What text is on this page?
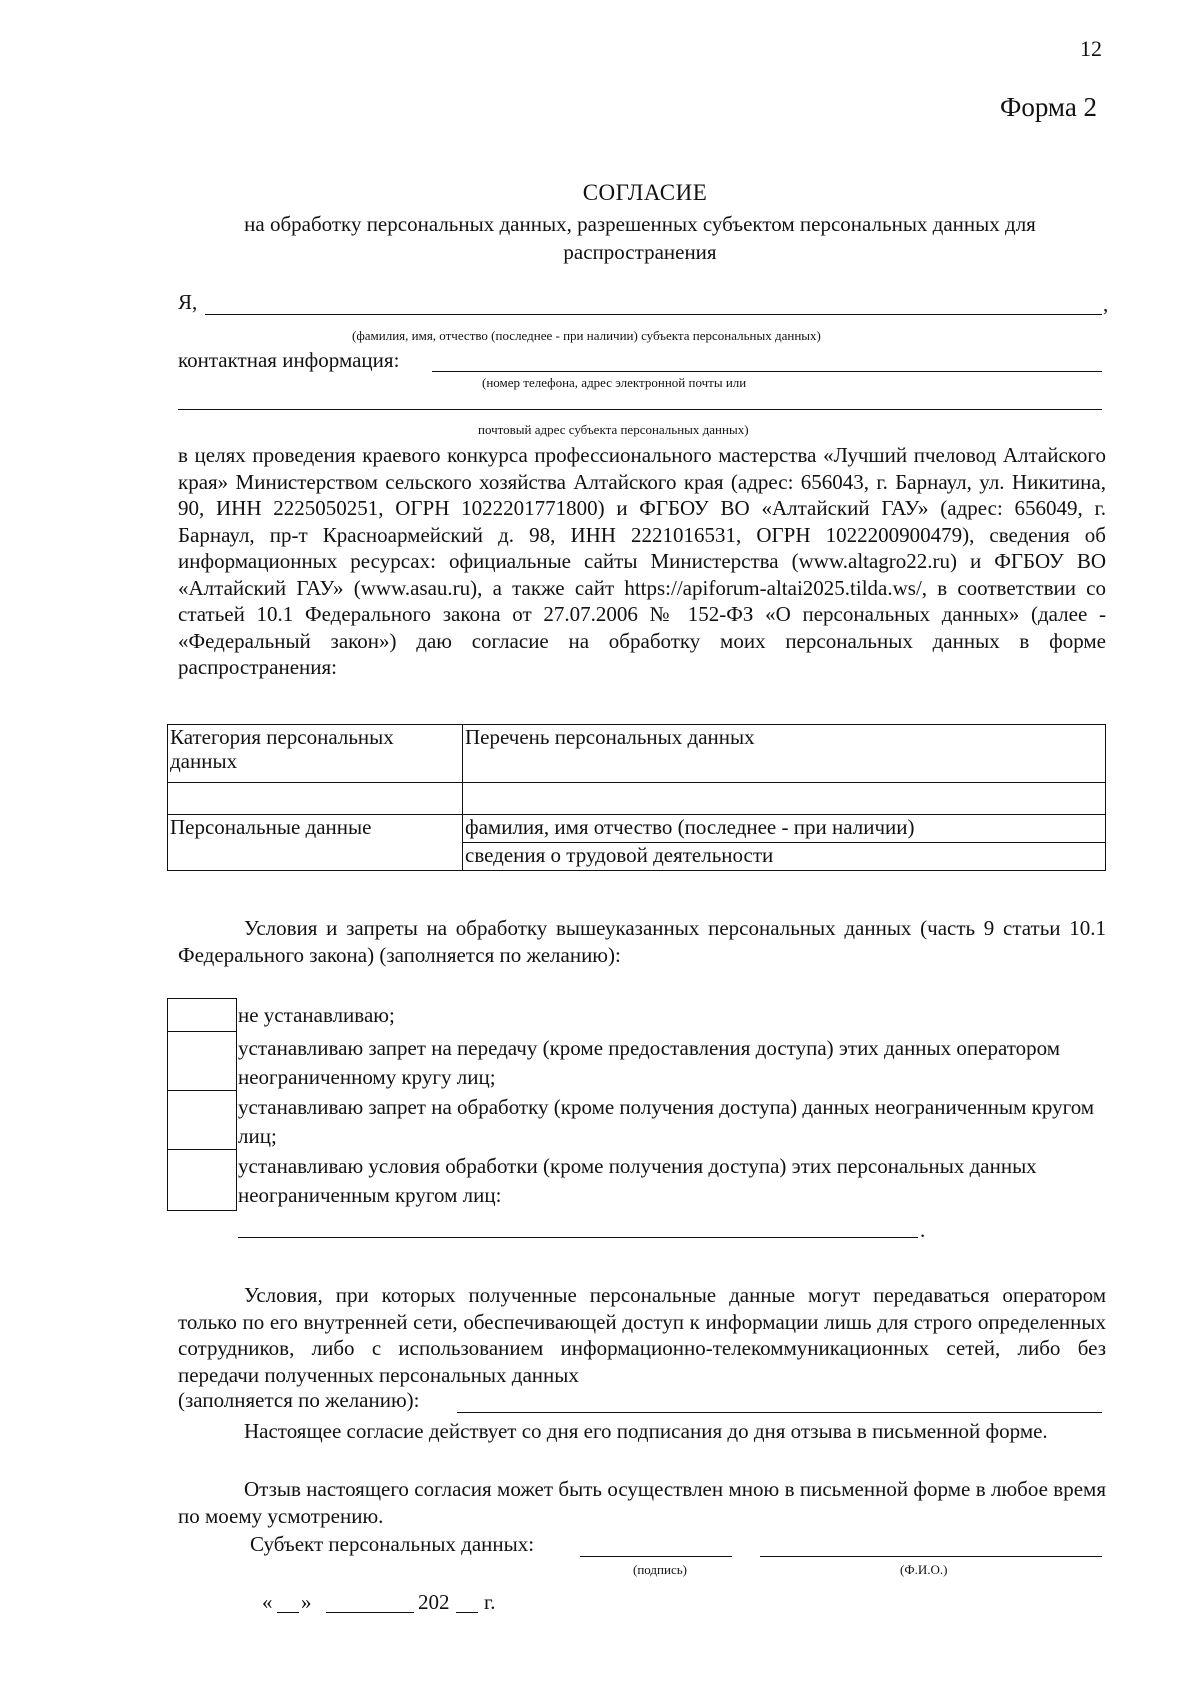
12
Форма 2
СОГЛАСИЕ
на обработку персональных данных, разрешенных субъектом персональных данных для распространения
Я,	,
(фамилия, имя, отчество (последнее - при наличии) субъекта персональных данных)
контактная информация:
(номер телефона, адрес электронной почты или
почтовый адрес субъекта персональных данных)
в целях проведения краевого конкурса профессионального мастерства «Лучший пчеловод Алтайского края» Министерством сельского хозяйства Алтайского края (адрес: 656043, г. Барнаул, ул. Никитина, 90, ИНН 2225050251, ОГРН 1022201771800) и ФГБОУ ВО «Алтайский ГАУ» (адрес: 656049, г. Барнаул, пр-т Красноармейский д. 98, ИНН 2221016531, ОГРН 1022200900479), сведения об информационных ресурсах: официальные сайты Министерства (www.altagro22.ru) и ФГБОУ ВО «Алтайский ГАУ» (www.asau.ru), а также сайт https://apiforum-altai2025.tilda.ws/, в соответствии со статьей 10.1 Федерального закона от 27.07.2006 № 152-ФЗ «О персональных данных» (далее - «Федеральный закон») даю согласие на обработку моих персональных данных в форме распространения:
Категория персональных данных	Перечень персональных данных

Персональные данные	фамилия, имя отчество (последнее - при наличии)
	сведения о трудовой деятельности
Условия и запреты на обработку вышеуказанных персональных данных (часть 9 статьи 10.1 Федерального закона) (заполняется по желанию):
не устанавливаю;
устанавливаю запрет на передачу (кроме предоставления доступа) этих данных оператором неограниченному кругу лиц;
устанавливаю запрет на обработку (кроме получения доступа) данных неограниченным кругом лиц;
устанавливаю условия обработки (кроме получения доступа) этих персональных данных неограниченным кругом лиц:
.
Условия, при которых полученные персональные данные могут передаваться оператором только по его внутренней сети, обеспечивающей доступ к информации лишь для строго определенных сотрудников, либо с использованием информационно-телекоммуникационных сетей, либо без передачи полученных персональных данных
(заполняется по желанию):
Настоящее согласие действует со дня его подписания до дня отзыва в письменной форме.
Отзыв настоящего согласия может быть осуществлен мною в письменной форме в любое время по моему усмотрению.
Субъект персональных данных:
(подпись)	(Ф.И.О.)
« »	202 г.
